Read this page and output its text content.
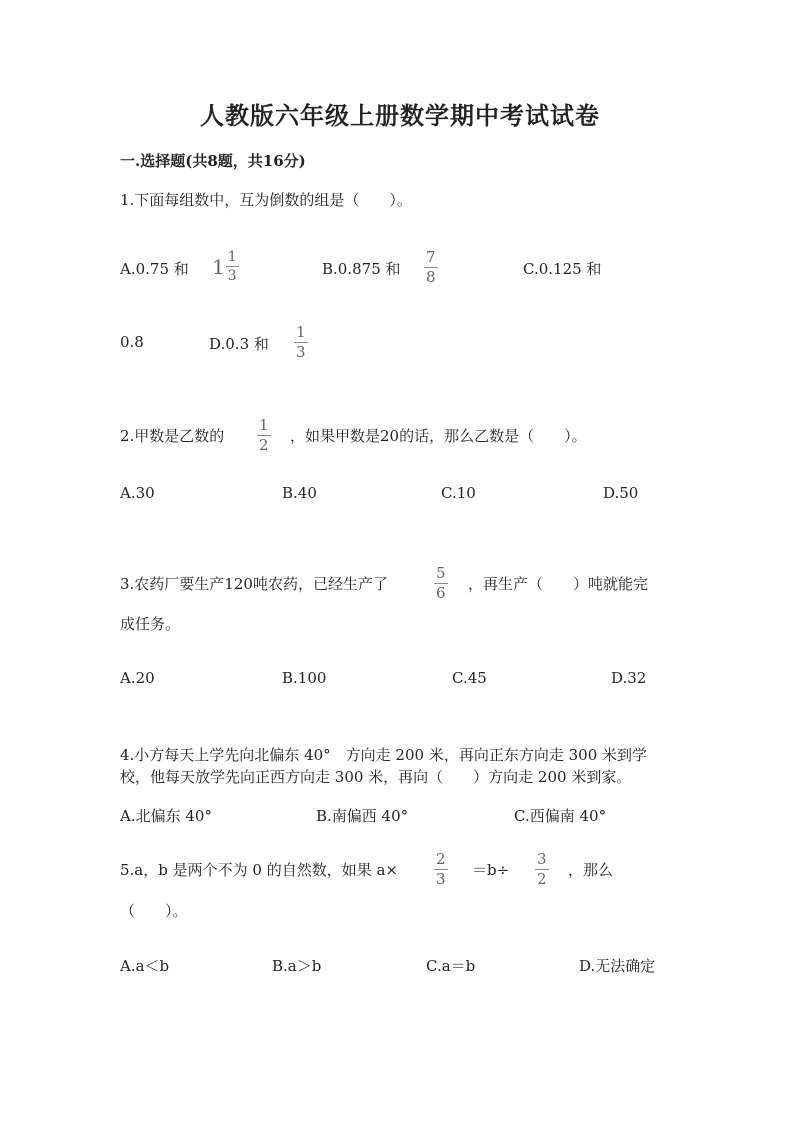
人教版六年级上册数学期中考试试卷
一.选择题(共8题，共16分)
1.下面每组数中，互为倒数的组是（　　）。
A.0.75 和 $1 \frac{1}{3}$	B.0.875 和
7
8	C.0.125 和
0.8	D.0.3 和
1
3
2.甲数是乙数的
1
2 ，如果甲数是20的话，那么乙数是（　　）。
A.30	B.40	C.10	D.50
3.农药厂要生产120吨农药，已经生产了
5
6 ，再生产（　　）吨就能完
成任务。
A.20	B.100	C.45	D.32
4.小方每天上学先向北偏东 40°　方向走 200 米，再向正东方向走 300 米到学
校，他每天放学先向正西方向走 300 米，再向（　　）方向走 200 米到家。
A.北偏东 40°	B.南偏西 40°	C.西偏南 40°
5.a，b 是两个不为 0 的自然数，如果 a×
2
3 ＝b÷
3
2 ，那么
（　　）。
A.a＜b	B.a＞b	C.a＝b	D.无法确定
